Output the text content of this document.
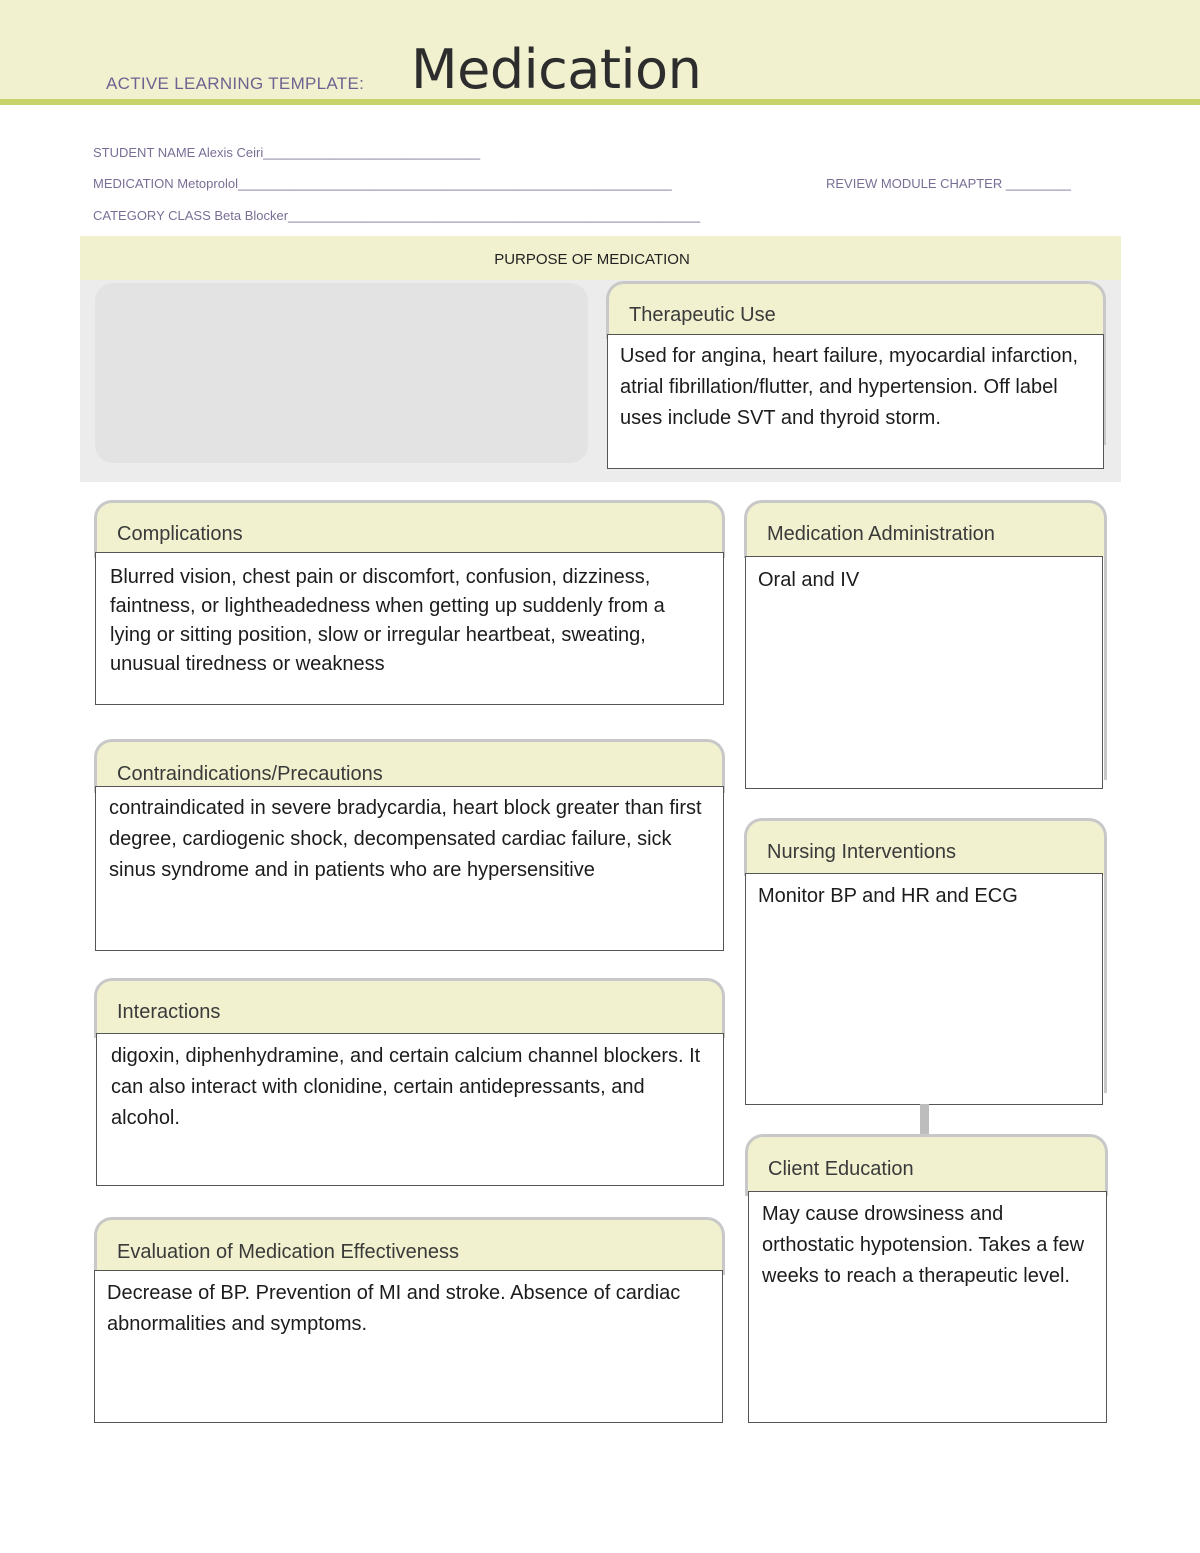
ACTIVE LEARNING TEMPLATE: Medication
STUDENT NAME Alexis Ceiri______________________________
MEDICATION Metoprolol____________________________________________________________	REVIEW MODULE CHAPTER _________
CATEGORY CLASS Beta Blocker_________________________________________________________
PURPOSE OF MEDICATION
Therapeutic Use
Used for angina, heart failure, myocardial infarction, atrial fibrillation/flutter, and hypertension. Off label uses include SVT and thyroid storm.
Complications
Blurred vision, chest pain or discomfort, confusion, dizziness, faintness, or lightheadedness when getting up suddenly from a lying or sitting position, slow or irregular heartbeat, sweating, unusual tiredness or weakness
Medication Administration
Oral and IV
Contraindications/Precautions
contraindicated in severe bradycardia, heart block greater than first degree, cardiogenic shock, decompensated cardiac failure, sick sinus syndrome and in patients who are hypersensitive
Nursing Interventions
Monitor BP and HR and ECG
Interactions
digoxin, diphenhydramine, and certain calcium channel blockers. It can also interact with clonidine, certain antidepressants, and alcohol.
Client Education
May cause drowsiness and orthostatic hypotension. Takes a few weeks to reach a therapeutic level.
Evaluation of Medication Effectiveness
Decrease of BP. Prevention of MI and stroke. Absence of cardiac abnormalities and symptoms.
